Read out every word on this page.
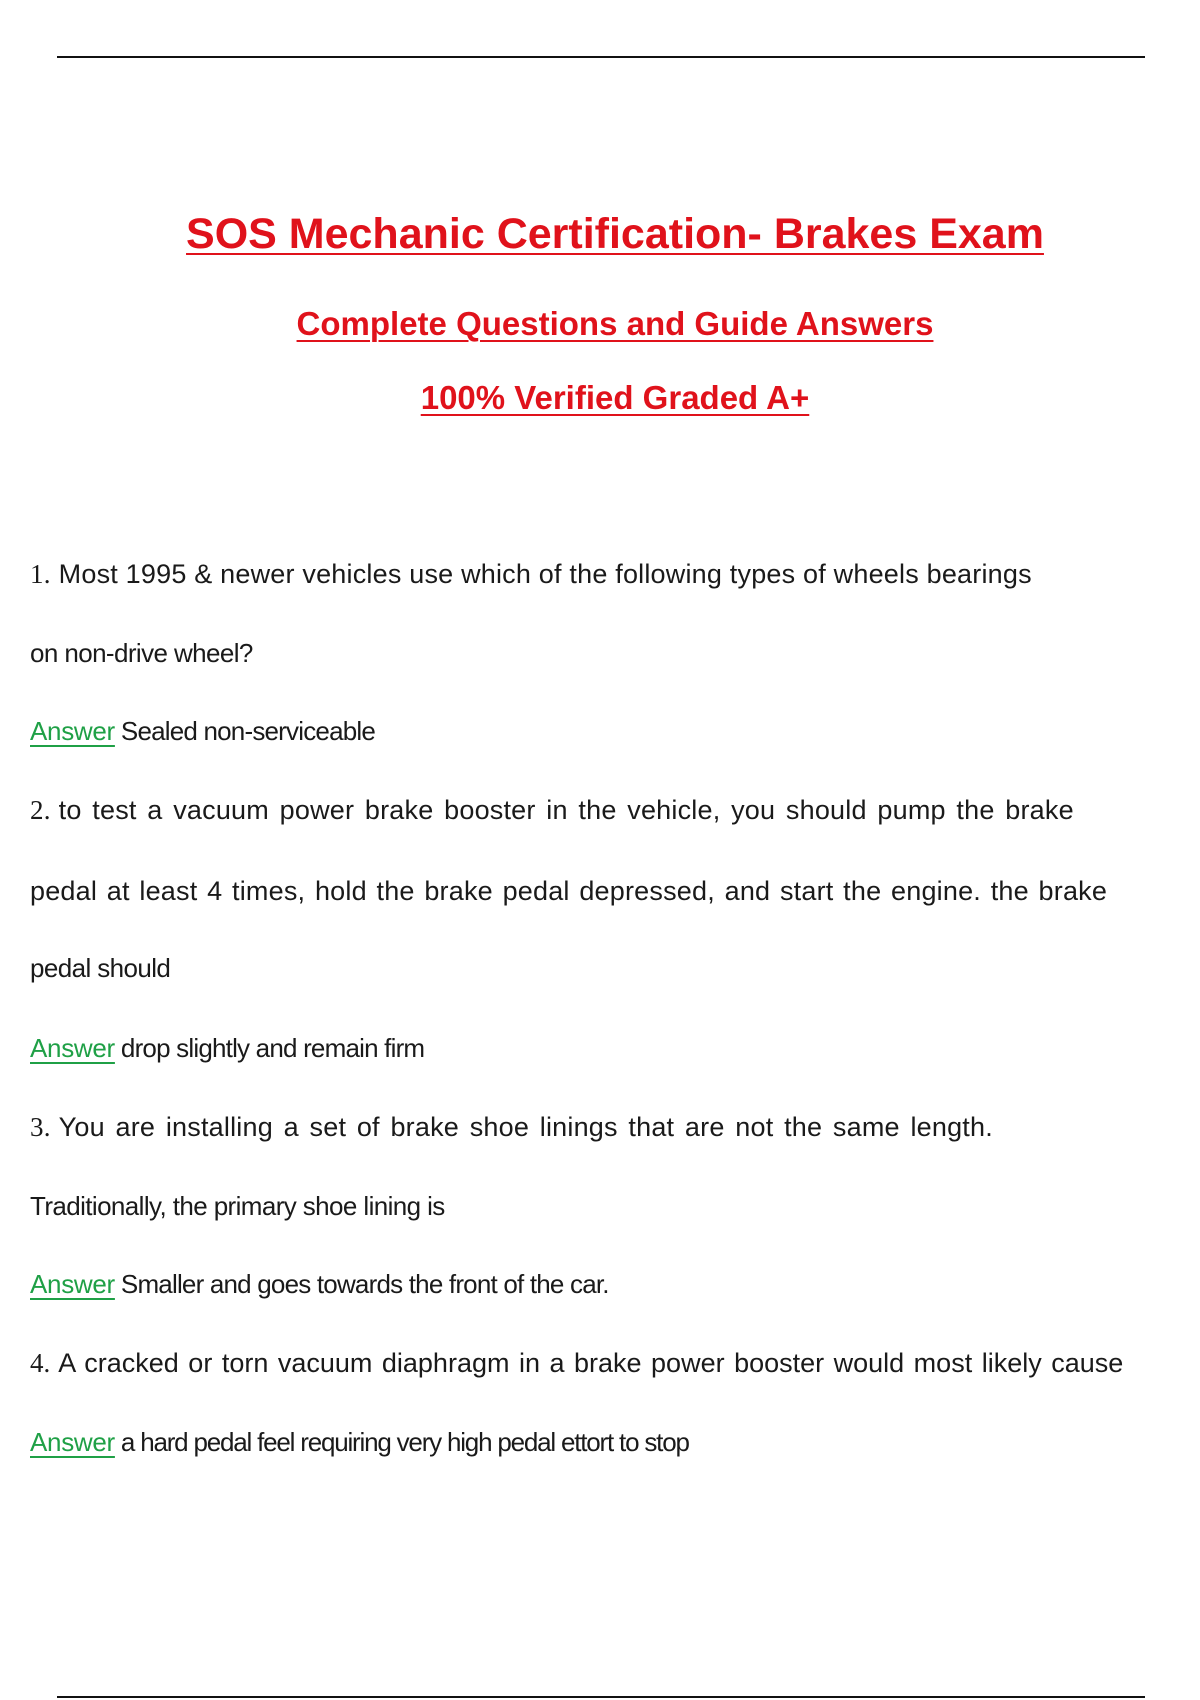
SOS Mechanic Certification- Brakes Exam
Complete Questions and Guide Answers
100% Verified Graded A+
1. Most 1995 & newer vehicles use which of the following types of wheels bearings
on non-drive wheel?
Answer Sealed non-serviceable
2. to test a vacuum power brake booster in the vehicle, you should pump the brake
pedal at least 4 times, hold the brake pedal depressed, and start the engine. the brake
pedal should
Answer drop slightly and remain firm
3. You are installing a set of brake shoe linings that are not the same length.
Traditionally, the primary shoe lining is
Answer Smaller and goes towards the front of the car.
4. A cracked or torn vacuum diaphragm in a brake power booster would most likely cause
Answer a hard pedal feel requiring very high pedal ettort to stop
